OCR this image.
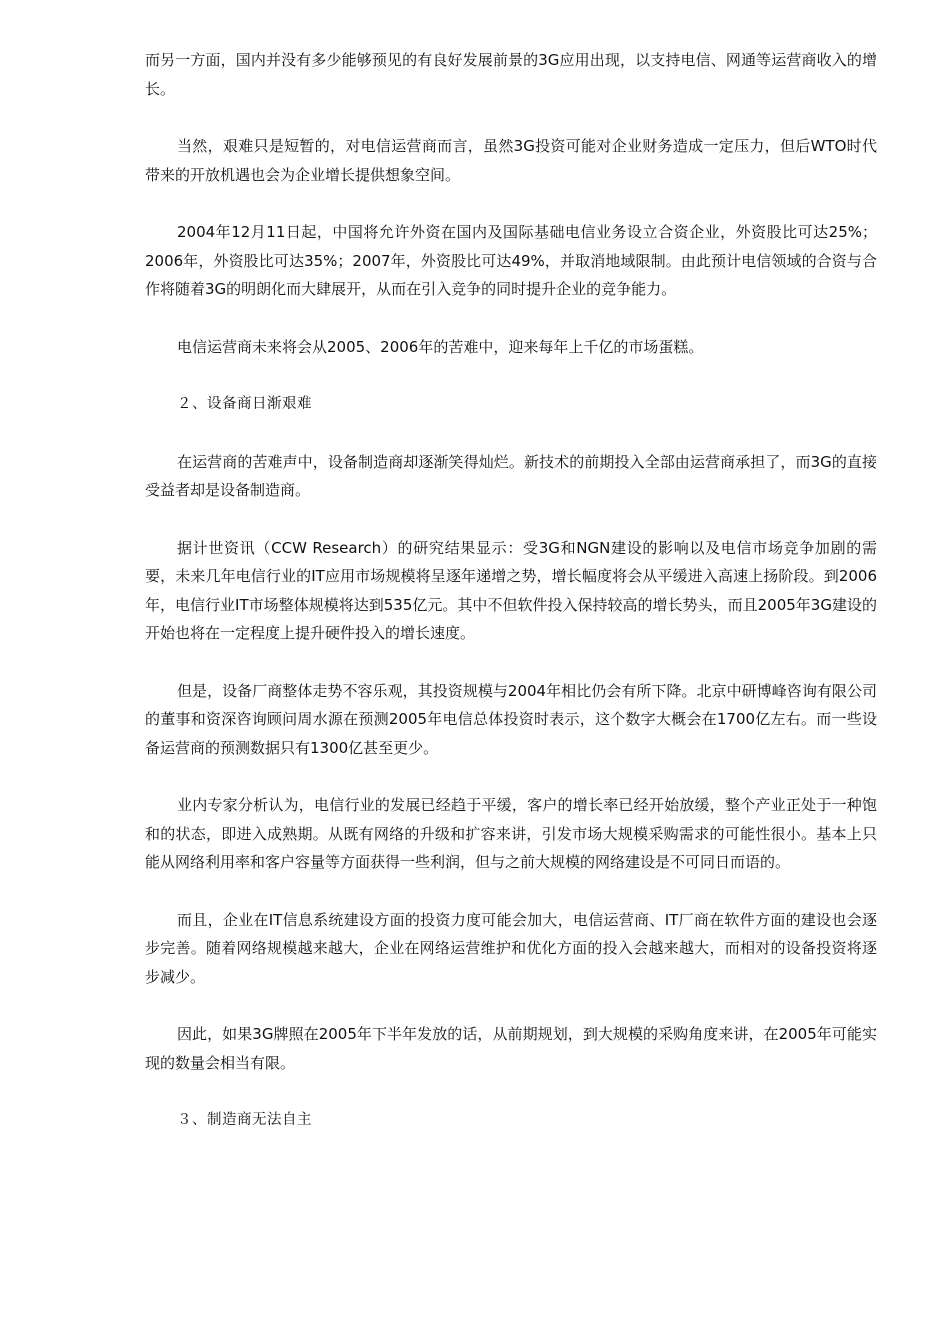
而另一方面，国内并没有多少能够预见的有良好发展前景的3G应用出现，以支持电信、网通等运营商收入的增长。

当然，艰难只是短暂的，对电信运营商而言，虽然3G投资可能对企业财务造成一定压力，但后WTO时代带来的开放机遇也会为企业增长提供想象空间。

2004年12月11日起，中国将允许外资在国内及国际基础电信业务设立合资企业，外资股比可达25%；2006年，外资股比可达35%；2007年，外资股比可达49%，并取消地域限制。由此预计电信领域的合资与合作将随着3G的明朗化而大肆展开，从而在引入竞争的同时提升企业的竞争能力。

电信运营商未来将会从2005、2006年的苦难中，迎来每年上千亿的市场蛋糕。

２、设备商日渐艰难

在运营商的苦难声中，设备制造商却逐渐笑得灿烂。新技术的前期投入全部由运营商承担了，而3G的直接受益者却是设备制造商。

据计世资讯（CCW Research）的研究结果显示：受3G和NGN建设的影响以及电信市场竞争加剧的需要，未来几年电信行业的IT应用市场规模将呈逐年递增之势，增长幅度将会从平缓进入高速上扬阶段。到2006年，电信行业IT市场整体规模将达到535亿元。其中不但软件投入保持较高的增长势头，而且2005年3G建设的开始也将在一定程度上提升硬件投入的增长速度。

但是，设备厂商整体走势不容乐观，其投资规模与2004年相比仍会有所下降。北京中研博峰咨询有限公司的董事和资深咨询顾问周水源在预测2005年电信总体投资时表示，这个数字大概会在1700亿左右。而一些设备运营商的预测数据只有1300亿甚至更少。

业内专家分析认为，电信行业的发展已经趋于平缓，客户的增长率已经开始放缓，整个产业正处于一种饱和的状态，即进入成熟期。从既有网络的升级和扩容来讲，引发市场大规模采购需求的可能性很小。基本上只能从网络利用率和客户容量等方面获得一些利润，但与之前大规模的网络建设是不可同日而语的。

而且，企业在IT信息系统建设方面的投资力度可能会加大，电信运营商、IT厂商在软件方面的建设也会逐步完善。随着网络规模越来越大，企业在网络运营维护和优化方面的投入会越来越大，而相对的设备投资将逐步减少。

因此，如果3G牌照在2005年下半年发放的话，从前期规划，到大规模的采购角度来讲，在2005年可能实现的数量会相当有限。

３、制造商无法自主
